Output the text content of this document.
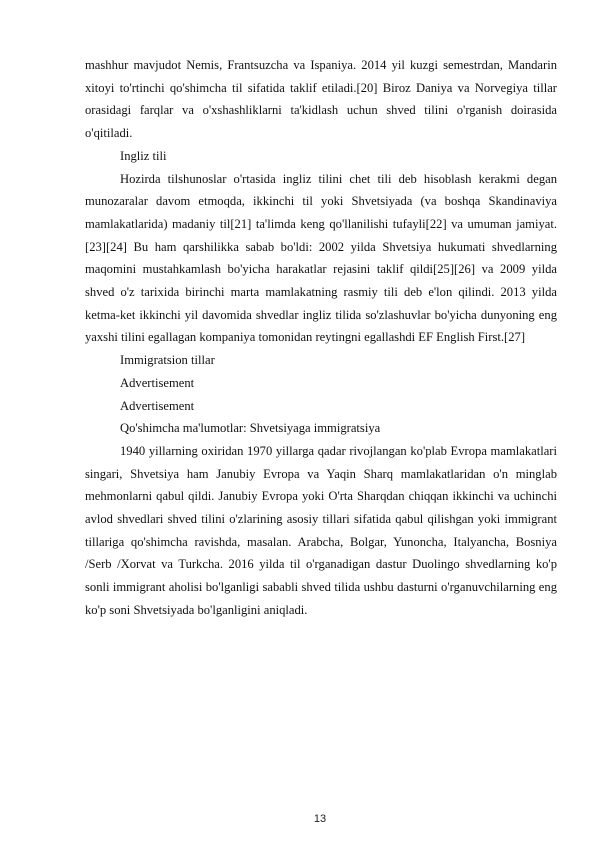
mashhur mavjudot Nemis, Frantsuzcha va Ispaniya. 2014 yil kuzgi semestrdan, Mandarin xitoyi to'rtinchi qo'shimcha til sifatida taklif etiladi.[20] Biroz Daniya va Norvegiya tillar orasidagi farqlar va o'xshashliklarni ta'kidlash uchun shved tilini o'rganish doirasida o'qitiladi.

Ingliz tili

Hozirda tilshunoslar o'rtasida ingliz tilini chet tili deb hisoblash kerakmi degan munozaralar davom etmoqda, ikkinchi til yoki Shvetsiyada (va boshqa Skandinaviya mamlakatlarida) madaniy til[21] ta'limda keng qo'llanilishi tufayli[22] va umuman jamiyat.[23][24] Bu ham qarshilikka sabab bo'ldi: 2002 yilda Shvetsiya hukumati shvedlarning maqomini mustahkamlash bo'yicha harakatlar rejasini taklif qildi[25][26] va 2009 yilda shved o'z tarixida birinchi marta mamlakatning rasmiy tili deb e'lon qilindi. 2013 yilda ketma-ket ikkinchi yil davomida shvedlar ingliz tilida so'zlashuvlar bo'yicha dunyoning eng yaxshi tilini egallagan kompaniya tomonidan reytingni egallashdi EF English First.[27]

Immigratsion tillar

Advertisement

Advertisement

Qo'shimcha ma'lumotlar: Shvetsiyaga immigratsiya

1940 yillarning oxiridan 1970 yillarga qadar rivojlangan ko'plab Evropa mamlakatlari singari, Shvetsiya ham Janubiy Evropa va Yaqin Sharq mamlakatlaridan o'n minglab mehmonlarni qabul qildi. Janubiy Evropa yoki O'rta Sharqdan chiqqan ikkinchi va uchinchi avlod shvedlari shved tilini o'zlarining asosiy tillari sifatida qabul qilishgan yoki immigrant tillariga qo'shimcha ravishda, masalan. Arabcha, Bolgar, Yunoncha, Italyancha, Bosniya /Serb /Xorvat va Turkcha. 2016 yilda til o'rganadigan dastur Duolingo shvedlarning ko'p sonli immigrant aholisi bo'lganligi sababli shved tilida ushbu dasturni o'rganuvchilarning eng ko'p soni Shvetsiyada bo'lganligini aniqladi.

13
